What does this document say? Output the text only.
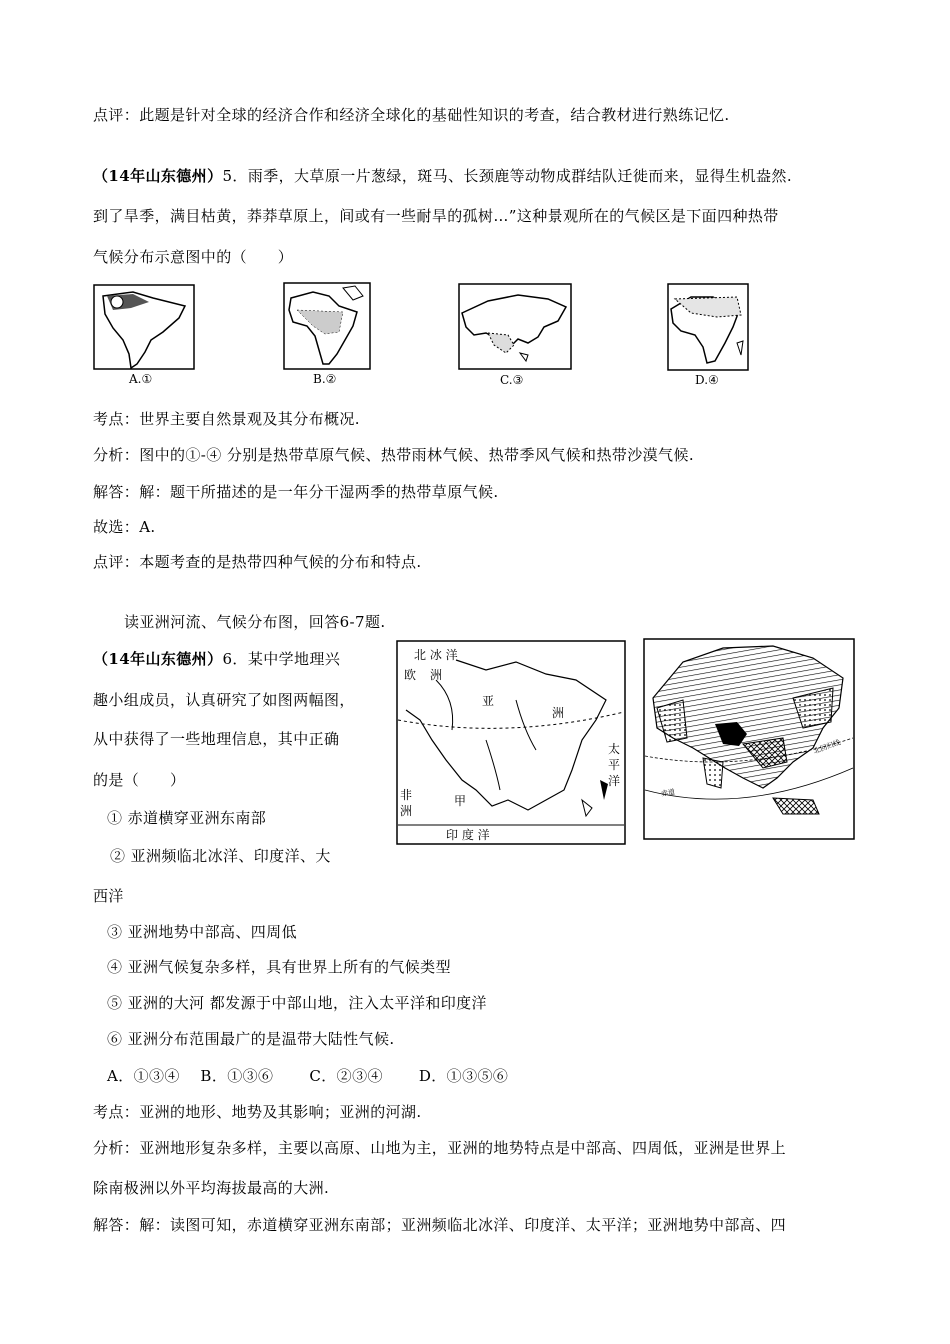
点评：此题是针对全球的经济合作和经济全球化的基础性知识的考查，结合教材进行熟练记忆.
（14年山东德州）5．雨季，大草原一片葱绿，斑马、长颈鹿等动物成群结队迁徙而来，显得生机盎然.
到了旱季，满目枯黄，莽莽草原上，间或有一些耐旱的孤树…”这种景观所在的气候区是下面四种热带
气候分布示意图中的（　　）
A.①	B.②	C.③	D.④
考点：世界主要自然景观及其分布概况.
分析：图中的①-④ 分别是热带草原气候、热带雨林气候、热带季风气候和热带沙漠气候.
解答：解：题干所描述的是一年分干湿两季的热带草原气候.
故选：A.
点评：本题考查的是热带四种气候的分布和特点.
读亚洲河流、气候分布图，回答6-7题.
（14年山东德州）6．某中学地理兴
趣小组成员，认真研究了如图两幅图，
从中获得了一些地理信息，其中正确
的是（　　）
① 赤道横穿亚洲东南部
② 亚洲频临北冰洋、印度洋、大
西洋
③ 亚洲地势中部高、四周低
④ 亚洲气候复杂多样，具有世界上所有的气候类型
⑤ 亚洲的大河 都发源于中部山地，注入太平洋和印度洋
⑥ 亚洲分布范围最广的是温带大陆性气候.
A．①③④　 B．①③⑥　　 C．②③④　　 D．①③⑤⑥
考点：亚洲的地形、地势及其影响；亚洲的河湖.
分析：亚洲地形复杂多样，主要以高原、山地为主，亚洲的地势特点是中部高、四周低，亚洲是世界上
除南极洲以外平均海拔最高的大洲.
解答：解：读图可知，赤道横穿亚洲东南部；亚洲频临北冰洋、印度洋、太平洋；亚洲地势中部高、四
北 冰 洋
欧 洲
亚
洲
太
平
洋
非
洲
甲
印 度 洋
北回归线
赤道
